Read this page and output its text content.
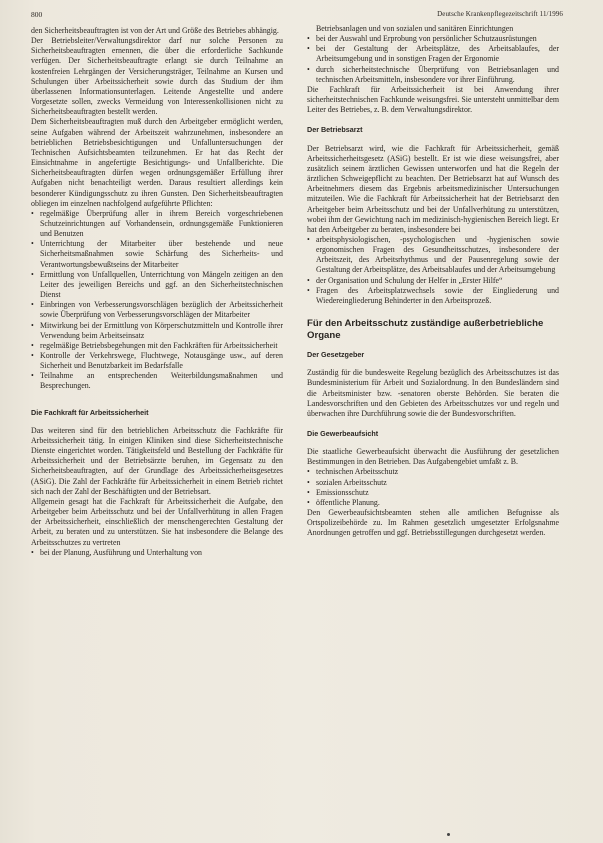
800	Deutsche Krankenpflegezeitschrift 11/1996

den Sicherheitsbeauftragten ist von der Art und Größe des Betriebes abhängig.

Der Betriebsleiter/Verwaltungsdirektor darf nur solche Personen zu Sicherheitsbeauftragten ernennen, die über die erforderliche Sachkunde verfügen. Der Sicherheitsbeauftragte erlangt sie durch Teilnahme an kostenfreien Lehrgängen der Versicherungsträger, Teilnahme an Kursen und Schulungen über Arbeitssicherheit sowie durch das Studium der ihm überlassenen Informationsunterlagen. Leitende Angestellte und andere Vorgesetzte sollen, zwecks Vermeidung von Interessenkollisionen nicht zu Sicherheitsbeauftragten bestellt werden.

Dem Sicherheitsbeauftragten muß durch den Arbeitgeber ermöglicht werden, seine Aufgaben während der Arbeitszeit wahrzunehmen, insbesondere an betrieblichen Betriebsbesichtigungen und Unfalluntersuchungen der Technischen Aufsichtsbeamten teilzunehmen. Er hat das Recht der Einsichtnahme in angefertigte Besichtigungs- und Unfallberichte. Die Sicherheitsbeauftragten dürfen wegen ordnungsgemäßer Erfüllung ihrer Aufgaben nicht benachteiligt werden. Daraus resultiert allerdings kein besonderer Kündigungsschutz zu ihren Gunsten. Den Sicherheitsbeauftragten obliegen im einzelnen nachfolgend aufgeführte Pflichten:

• regelmäßige Überprüfung aller in ihrem Bereich vorgeschriebenen Schutzeinrichtungen auf Vorhandensein, ordnungsgemäße Funktionieren und Benutzen
• Unterrichtung der Mitarbeiter über bestehende und neue Sicherheitsmaßnahmen sowie Schärfung des Sicherheits- und Verantwortungsbewußtseins der Mitarbeiter
• Ermittlung von Unfallquellen, Unterrichtung von Mängeln zeitigen an den Leiter des jeweiligen Bereichs und ggf. an den Sicherheitstechnischen Dienst
• Einbringen von Verbesserungsvorschlägen bezüglich der Arbeitssicherheit sowie Überprüfung von Verbesserungsvorschlägen der Mitarbeiter
• Mitwirkung bei der Ermittlung von Körperschutzmitteln und Kontrolle ihrer Verwendung beim Arbeitseinsatz
• regelmäßige Betriebsbegehungen mit den Fachkräften für Arbeitssicherheit
• Kontrolle der Verkehrswege, Fluchtwege, Notausgänge usw., auf deren Sicherheit und Benutzbarkeit im Bedarfsfalle
• Teilnahme an entsprechenden Weiterbildungsmaßnahmen und Besprechungen.
Die Fachkraft für Arbeitssicherheit

Das weiteren sind für den betrieblichen Arbeitsschutz die Fachkräfte für Arbeitssicherheit tätig. In einigen Kliniken sind diese Sicherheitstechnische Dienste eingerichtet worden. Tätigkeitsfeld und Bestellung der Fachkräfte für Arbeitssicherheit und der Betriebsärzte beruhen, im Gegensatz zu den Sicherheitsbeauftragten, auf der Grundlage des Arbeitssicherheitsgesetzes (ASiG). Die Zahl der Fachkräfte für Arbeitssicherheit in einem Betrieb richtet sich nach der Zahl der Beschäftigten und der Betriebsart.

Allgemein gesagt hat die Fachkraft für Arbeitssicherheit die Aufgabe, den Arbeitgeber beim Arbeitsschutz und bei der Unfallverhütung in allen Fragen der Arbeitssicherheit, einschließlich der menschengerechten Gestaltung der Arbeit, zu beraten und zu unterstützen. Sie hat insbesondere die Belange des Arbeitsschutzes zu vertreten

• bei der Planung, Ausführung und Unterhaltung von

Betriebsanlagen und von sozialen und sanitären Einrichtungen

• bei der Auswahl und Erprobung von persönlicher Schutzausrüstungen
• bei der Gestaltung der Arbeitsplätze, des Arbeitsablaufes, der Arbeitsumgebung und in sonstigen Fragen der Ergonomie
• durch sicherheitstechnische Überprüfung von Betriebsanlagen und technischen Arbeitsmitteln, insbesondere vor ihrer Einführung.

Die Fachkraft für Arbeitssicherheit ist bei Anwendung ihrer sicherheitstechnischen Fachkunde weisungsfrei. Sie untersteht unmittelbar dem Leiter des Betriebes, z. B. dem Verwaltungsdirektor.

Der Betriebsarzt

Der Betriebsarzt wird, wie die Fachkraft für Arbeitssicherheit, gemäß Arbeitssicherheitsgesetz (ASiG) bestellt. Er ist wie diese weisungsfrei, aber zusätzlich seinem ärztlichen Gewissen unterworfen und hat die Regeln der ärztlichen Schweigepflicht zu beachten. Der Betriebsarzt hat auf Wunsch des Arbeitnehmers diesem das Ergebnis arbeitsmedizinischer Untersuchungen mitzuteilen. Wie die Fachkraft für Arbeitssicherheit hat der Betriebsarzt den Arbeitgeber beim Arbeitsschutz und bei der Unfallverhütung zu unterstützen, wobei ihm der Gewichtung nach im medizinisch-hygienischen Bereich liegt. Er hat den Arbeitgeber zu beraten, insbesondere bei

• arbeitsphysiologischen, -psychologischen und -hygienischen sowie ergonomischen Fragen des Gesundheitsschutzes, insbesondere der Arbeitszeit, des Arbeitsrhythmus und der Pausenregelung sowie der Gestaltung der Arbeitsplätze, des Arbeitsablaufes und der Arbeitsumgebung
• der Organisation und Schulung der Helfer in „Erster Hilfe“
• Fragen des Arbeitsplatzwechsels sowie der Eingliederung und Wiedereingliederung Behinderter in den Arbeitsprozeß.
Für den Arbeitsschutz zuständige außerbetriebliche Organe
Der Gesetzgeber

Zuständig für die bundesweite Regelung bezüglich des Arbeitsschutzes ist das Bundesministerium für Arbeit und Sozialordnung. In den Bundesländern sind die Arbeitsminister bzw. -senatoren oberste Behörden. Sie beraten die Landesvorschriften und den Gebieten des Arbeitsschutzes vor und regeln und überwachen ihre Durchführung sowie die der Bundesvorschriften.

Die Gewerbeaufsicht

Die staatliche Gewerbeaufsicht überwacht die Ausführung der gesetzlichen Bestimmungen in den Betrieben. Das Aufgabengebiet umfaßt z. B.

• technischen Arbeitsschutz
• sozialen Arbeitsschutz
• Emissionsschutz
• öffentliche Planung.

Den Gewerbeaufsichtsbeamten stehen alle amtlichen Befugnisse als Ortspolizeibehörde zu. Im Rahmen gesetzlich umgesetzter Erfolgsnahme Anordnungen getroffen und ggf. Betriebsstillegungen durchgesetzt werden.
